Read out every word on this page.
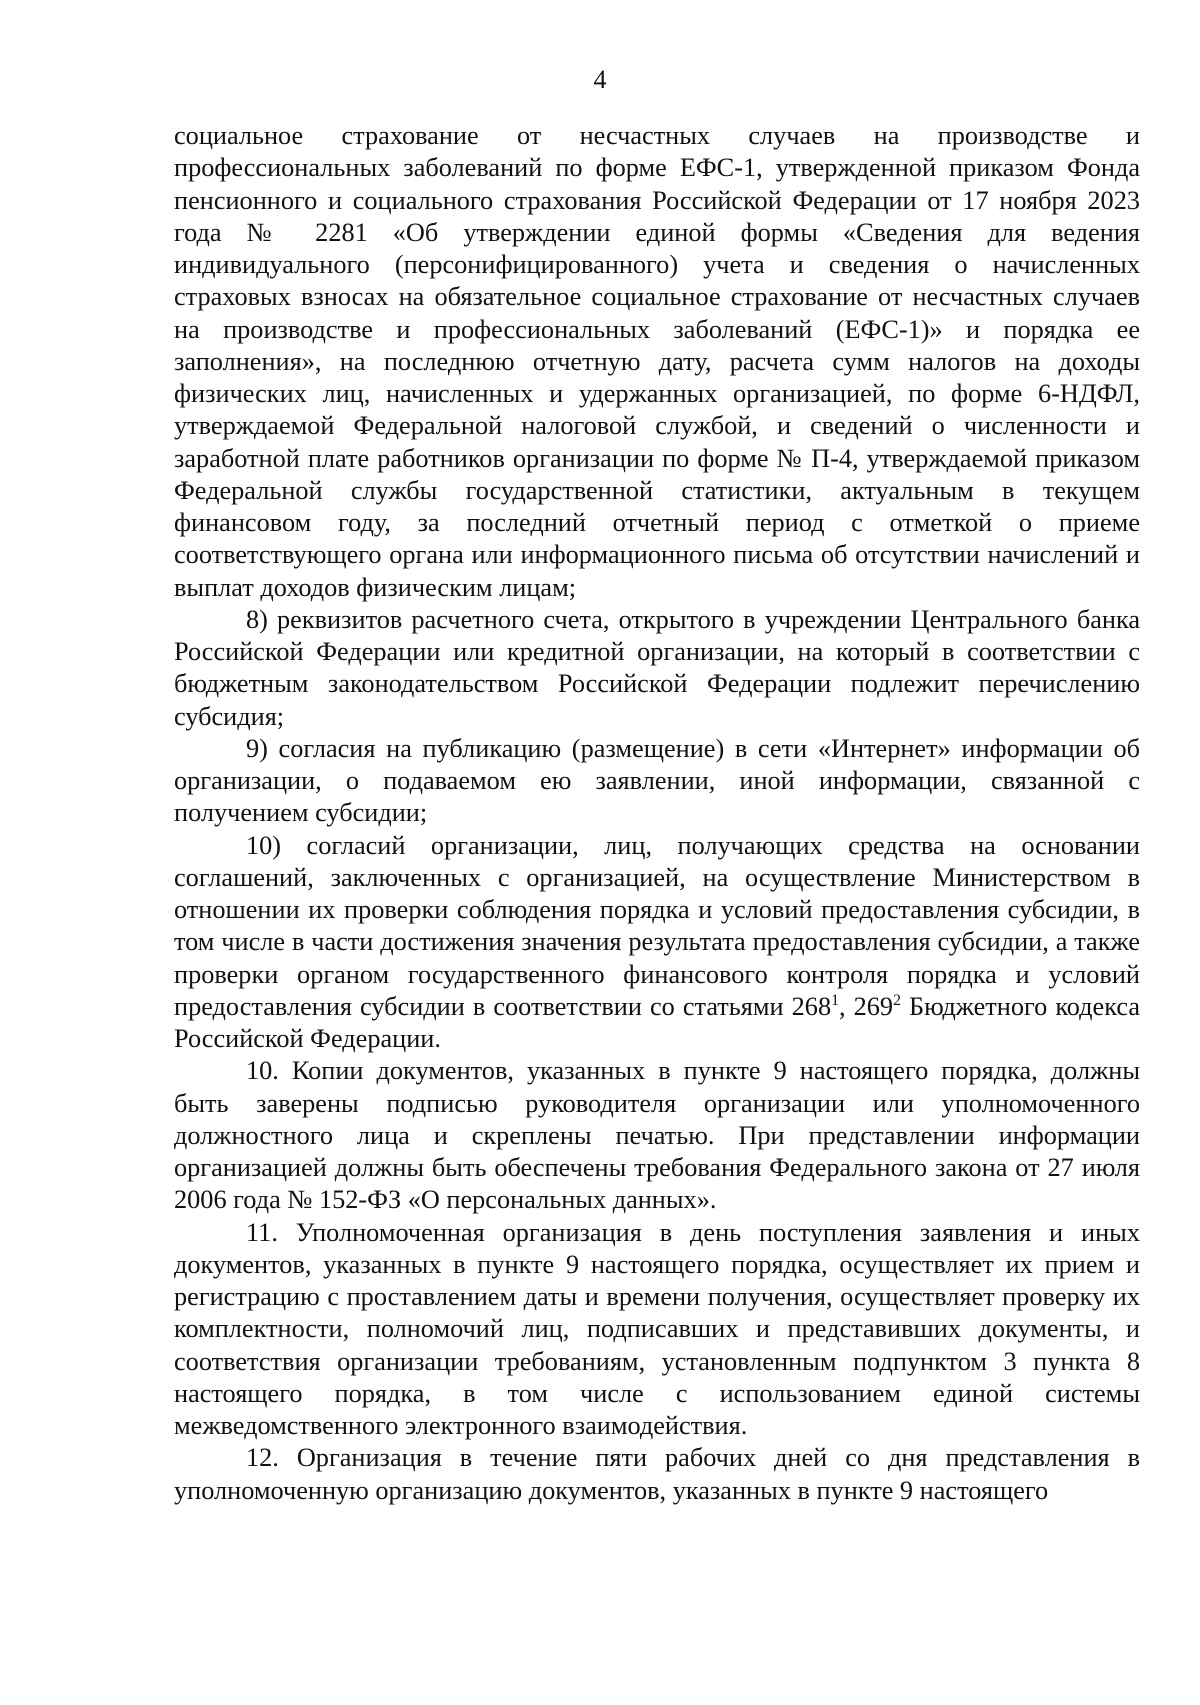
4

социальное страхование от несчастных случаев на производстве и профессиональных заболеваний по форме ЕФС-1, утвержденной приказом Фонда пенсионного и социального страхования Российской Федерации от 17 ноября 2023 года № 2281 «Об утверждении единой формы «Сведения для ведения индивидуального (персонифицированного) учета и сведения о начисленных страховых взносах на обязательное социальное страхование от несчастных случаев на производстве и профессиональных заболеваний (ЕФС-1)» и порядка ее заполнения», на последнюю отчетную дату, расчета сумм налогов на доходы физических лиц, начисленных и удержанных организацией, по форме 6-НДФЛ, утверждаемой Федеральной налоговой службой, и сведений о численности и заработной плате работников организации по форме № П-4, утверждаемой приказом Федеральной службы государственной статистики, актуальным в текущем финансовом году, за последний отчетный период с отметкой о приеме соответствующего органа или информационного письма об отсутствии начислений и выплат доходов физическим лицам;

8) реквизитов расчетного счета, открытого в учреждении Центрального банка Российской Федерации или кредитной организации, на который в соответствии с бюджетным законодательством Российской Федерации подлежит перечислению субсидия;

9) согласия на публикацию (размещение) в сети «Интернет» информации об организации, о подаваемом ею заявлении, иной информации, связанной с получением субсидии;

10) согласий организации, лиц, получающих средства на основании соглашений, заключенных с организацией, на осуществление Министерством в отношении их проверки соблюдения порядка и условий предоставления субсидии, в том числе в части достижения значения результата предоставления субсидии, а также проверки органом государственного финансового контроля порядка и условий предоставления субсидии в соответствии со статьями $268^1$, $269^2$ Бюджетного кодекса Российской Федерации.

10. Копии документов, указанных в пункте 9 настоящего порядка, должны быть заверены подписью руководителя организации или уполномоченного должностного лица и скреплены печатью. При представлении информации организацией должны быть обеспечены требования Федерального закона от 27 июля 2006 года № 152-ФЗ «О персональных данных».

11. Уполномоченная организация в день поступления заявления и иных документов, указанных в пункте 9 настоящего порядка, осуществляет их прием и регистрацию с проставлением даты и времени получения, осуществляет проверку их комплектности, полномочий лиц, подписавших и представивших документы, и соответствия организации требованиям, установленным подпунктом 3 пункта 8 настоящего порядка, в том числе с использованием единой системы межведомственного электронного взаимодействия.

12. Организация в течение пяти рабочих дней со дня представления в уполномоченную организацию документов, указанных в пункте 9 настоящего
